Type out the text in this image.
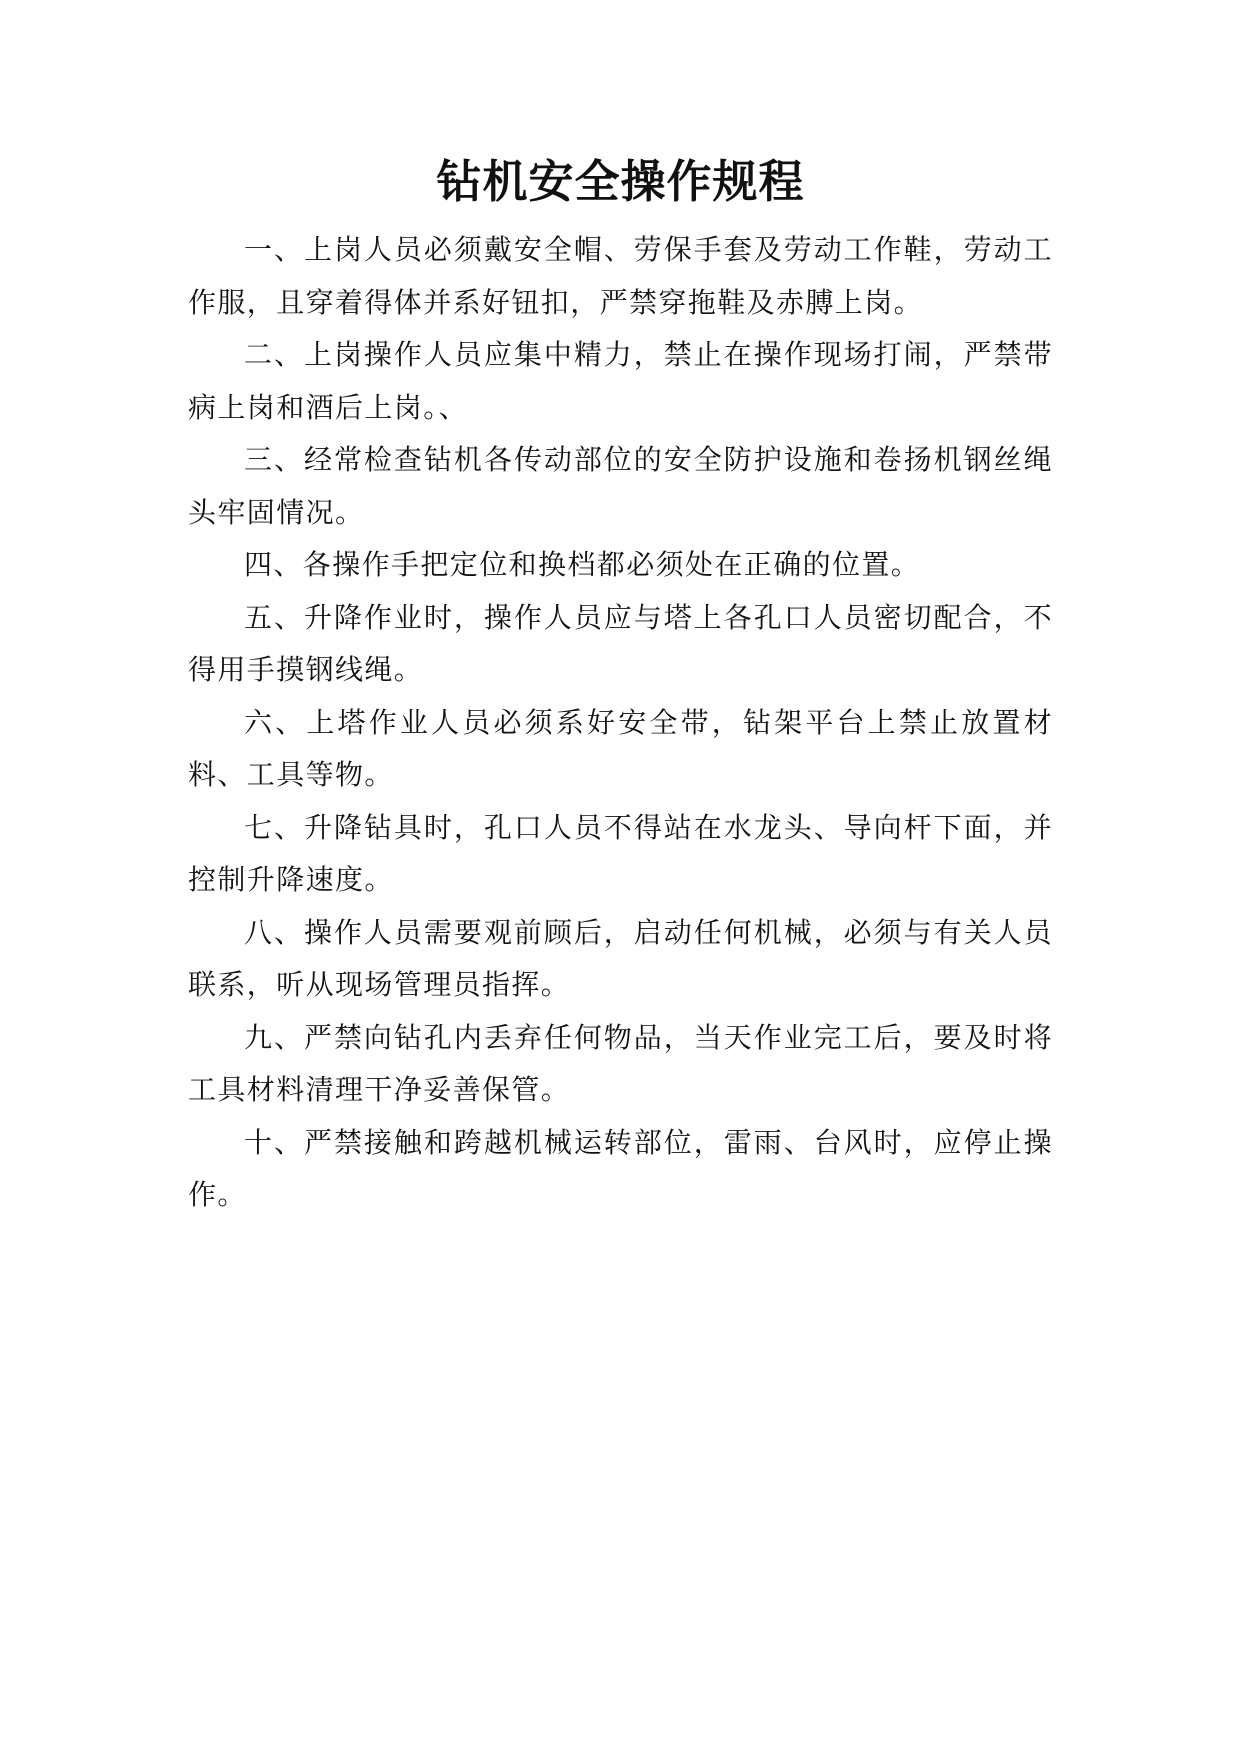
钻机安全操作规程

一、上岗人员必须戴安全帽、劳保手套及劳动工作鞋，劳动工作服，且穿着得体并系好钮扣，严禁穿拖鞋及赤膊上岗。

二、上岗操作人员应集中精力，禁止在操作现场打闹，严禁带病上岗和酒后上岗。、

三、经常检查钻机各传动部位的安全防护设施和卷扬机钢丝绳头牢固情况。

四、各操作手把定位和换档都必须处在正确的位置。

五、升降作业时，操作人员应与塔上各孔口人员密切配合，不得用手摸钢线绳。

六、上塔作业人员必须系好安全带，钻架平台上禁止放置材料、工具等物。

七、升降钻具时，孔口人员不得站在水龙头、导向杆下面，并控制升降速度。

八、操作人员需要观前顾后，启动任何机械，必须与有关人员联系，听从现场管理员指挥。

九、严禁向钻孔内丢弃任何物品，当天作业完工后，要及时将工具材料清理干净妥善保管。

十、严禁接触和跨越机械运转部位，雷雨、台风时，应停止操作。
